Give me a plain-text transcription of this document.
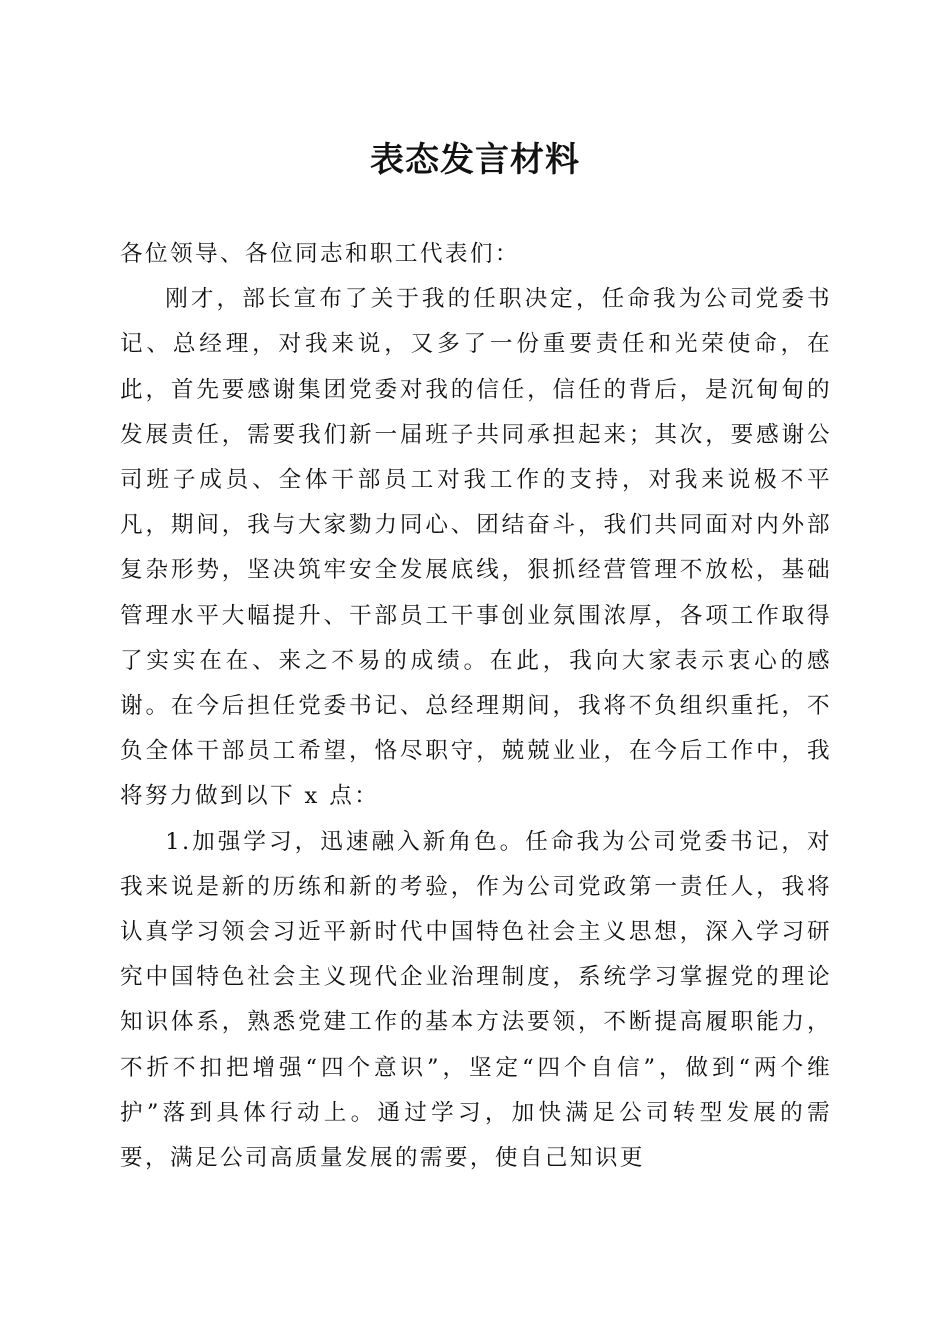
表态发言材料

各位领导、各位同志和职工代表们：

刚才，部长宣布了关于我的任职决定，任命我为公司党委书记、总经理，对我来说，又多了一份重要责任和光荣使命，在此，首先要感谢集团党委对我的信任，信任的背后，是沉甸甸的发展责任，需要我们新一届班子共同承担起来；其次，要感谢公司班子成员、全体干部员工对我工作的支持，对我来说极不平凡，期间，我与大家勠力同心、团结奋斗，我们共同面对内外部复杂形势，坚决筑牢安全发展底线，狠抓经营管理不放松，基础管理水平大幅提升、干部员工干事创业氛围浓厚，各项工作取得了实实在在、来之不易的成绩。在此，我向大家表示衷心的感谢。在今后担任党委书记、总经理期间，我将不负组织重托，不负全体干部员工希望，恪尽职守，兢兢业业，在今后工作中，我将努力做到以下 x 点：

1.加强学习，迅速融入新角色。任命我为公司党委书记，对我来说是新的历练和新的考验，作为公司党政第一责任人，我将认真学习领会习近平新时代中国特色社会主义思想，深入学习研究中国特色社会主义现代企业治理制度，系统学习掌握党的理论知识体系，熟悉党建工作的基本方法要领，不断提高履职能力，不折不扣把增强“四个意识”，坚定“四个自信”，做到“两个维护”落到具体行动上。通过学习，加快满足公司转型发展的需要，满足公司高质量发展的需要，使自己知识更
